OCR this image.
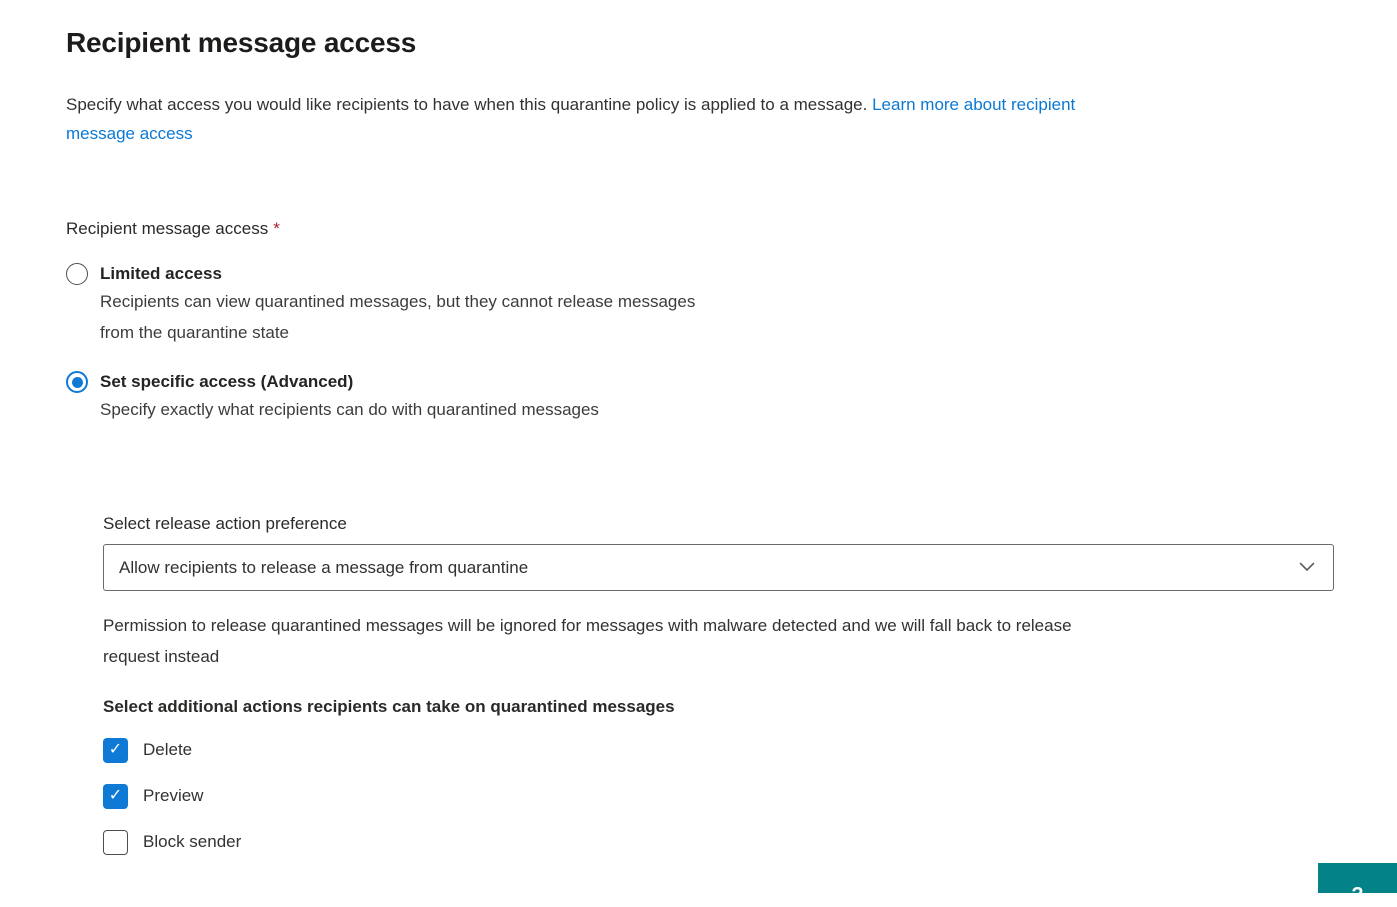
Recipient message access

Specify what access you would like recipients to have when this quarantine policy is applied to a message. Learn more about recipient
message access

Recipient message access *
Limited access
Recipients can view quarantined messages, but they cannot release messages
from the quarantine state
Set specific access (Advanced)
Specify exactly what recipients can do with quarantined messages
Select release action preference
Allow recipients to release a message from quarantine
Permission to release quarantined messages will be ignored for messages with malware detected and we will fall back to release
request instead
Select additional actions recipients can take on quarantined messages
✓ Delete
✓ Preview
Block sender
?
